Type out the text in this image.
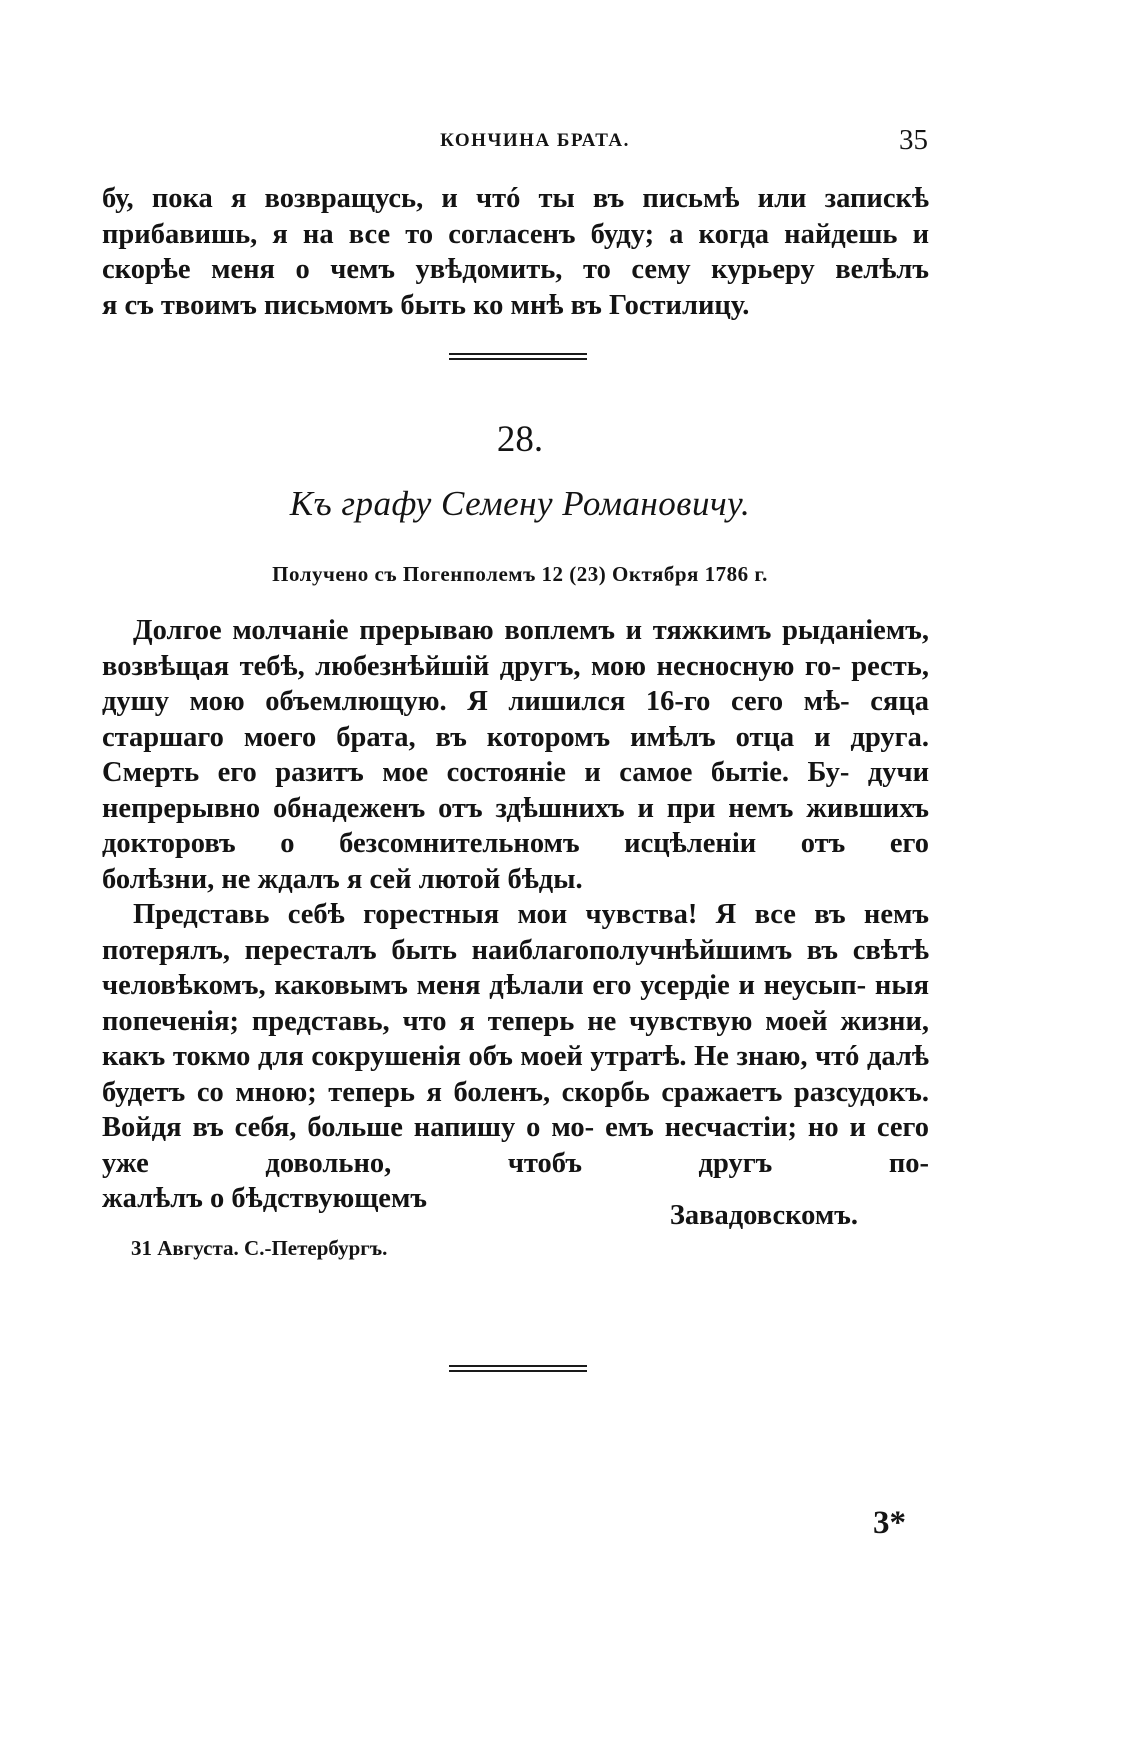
КОНЧИНА БРАТА.	35

бу, пока я возвращусь, и чтó ты въ письмѣ или запискѣ прибавишь, я на все то согласенъ буду; а когда найдешь и скорѣе меня о чемъ увѣдомить, то сему курьеру велѣлъ

я съ твоимъ письмомъ быть ко мнѣ въ Гостилицу.

28.
Къ графу Семену Романовичу.
Получено съ Погенполемъ 12 (23) Октября 1786 г.

Долгое молчаніе прерываю воплемъ и тяжкимъ рыданіемъ, возвѣщая тебѣ, любезнѣйшій другъ, мою несносную го- ресть, душу мою объемлющую. Я лишился 16-го сего мѣ- сяца старшаго моего брата, въ которомъ имѣлъ отца и друга. Смерть его разитъ мое состояніе и самое бытіе. Бу- дучи непрерывно обнадеженъ отъ здѣшнихъ и при немъ жившихъ докторовъ о безсомнительномъ исцѣленіи отъ его

болѣзни, не ждалъ я сей лютой бѣды.

Представь себѣ горестныя мои чувства! Я все въ немъ потерялъ, пересталъ быть наиблагополучнѣйшимъ въ свѣтѣ человѣкомъ, каковымъ меня дѣлали его усердіе и неусып- ныя попеченія; представь, что я теперь не чувствую моей жизни, какъ токмо для сокрушенія объ моей утратѣ. Не знаю, чтó далѣ будетъ со мною; теперь я боленъ, скорбь сражаетъ разсудокъ. Войдя въ себя, больше напишу о мо- емъ несчастіи; но и сего уже довольно, чтобъ другъ по-

жалѣлъ о бѣдствующемъ

Завадовскомъ.
31 Августа. С.-Петербургъ.
3*
